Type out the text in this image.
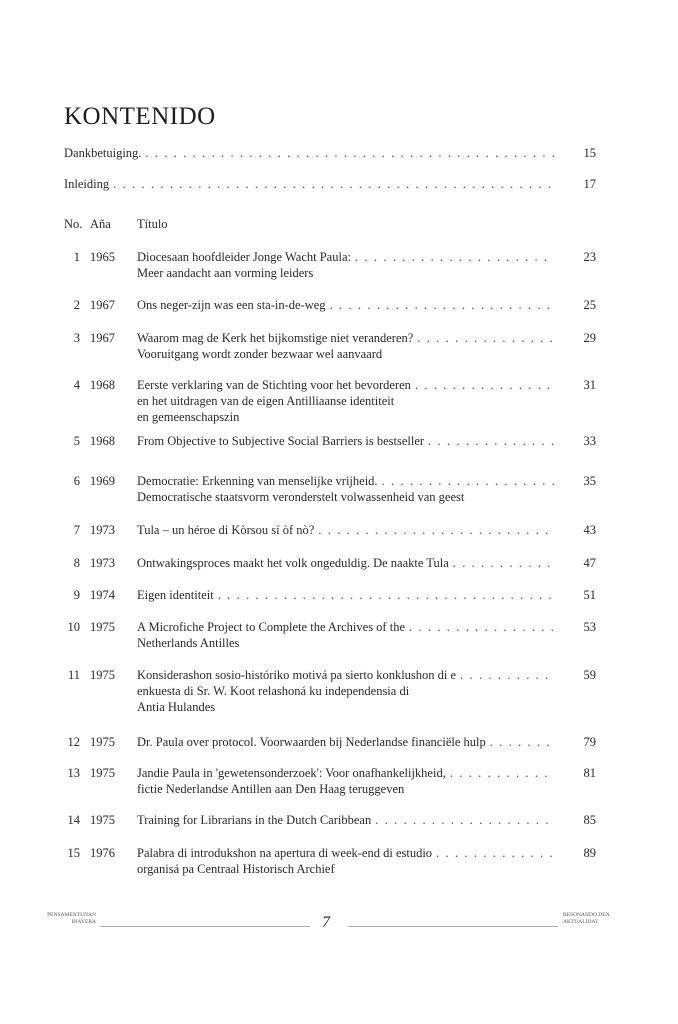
KONTENIDO
No. Aña Título
Dankbetuiging. . . .	15
Inleiding . . .	17
1 1965 Diocesaan hoofdleider Jonge Wacht Paula: . . .	23
Meer aandacht aan vorming leiders
2 1967 Ons neger-zijn was een sta-in-de-weg . . .	25
3 1967 Waarom mag de Kerk het bijkomstige niet veranderen? . . .	29
Vooruitgang wordt zonder bezwaar wel aanvaard
4 1968 Eerste verklaring van de Stichting voor het bevorderen . . .	31
en het uitdragen van de eigen Antilliaanse identiteit
en gemeenschapszin
5 1968 From Objective to Subjective Social Barriers is bestseller . . .	33
6 1969 Democratie: Erkenning van menselijke vrijheid. . . .	35
Democratische staatsvorm veronderstelt volwassenheid van geest
7 1973 Tula – un héroe di Kòrsou sí òf nò? . . .	43
8 1973 Ontwakingsproces maakt het volk ongeduldig. De naakte Tula . . .	47
9 1974 Eigen identiteit . . .	51
10 1975 A Microfiche Project to Complete the Archives of the . . .	53
Netherlands Antilles
11 1975 Konsiderashon sosio-históriko motivá pa sierto konklushon di e . . .	59
enkuesta di Sr. W. Koot relashoná ku independensia di
Antia Hulandes
12 1975 Dr. Paula over protocol. Voorwaarden bij Nederlandse financiële hulp . . .	79
13 1975 Jandie Paula in 'gewetensonderzoek': Voor onafhankelijkheid, . . .	81
fictie Nederlandse Antillen aan Den Haag teruggeven
14 1975 Training for Librarians in the Dutch Caribbean . . .	85
15 1976 Palabra di introdukshon na apertura di week-end di estudio . . .	89
organisá pa Centraal Historisch Archief
PENSAMENTUNAN
DJAYERA	7	RESONANDO DEN
AKTUALIDAT
